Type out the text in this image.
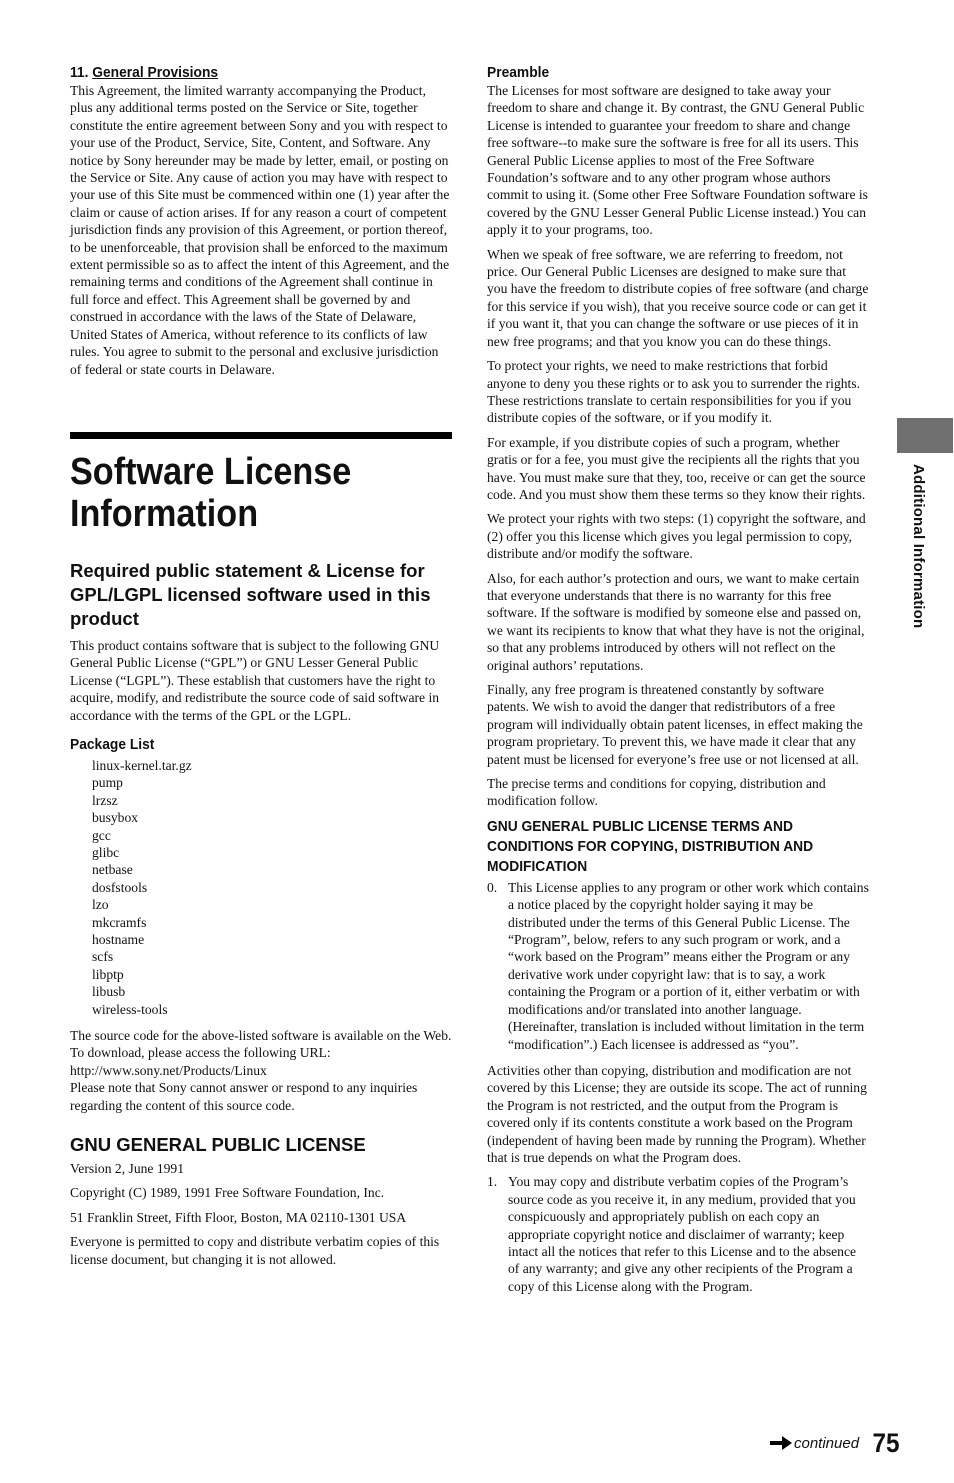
11. General Provisions

This Agreement, the limited warranty accompanying the Product, plus any additional terms posted on the Service or Site, together constitute the entire agreement between Sony and you with respect to your use of the Product, Service, Site, Content, and Software. Any notice by Sony hereunder may be made by letter, email, or posting on the Service or Site. Any cause of action you may have with respect to your use of this Site must be commenced within one (1) year after the claim or cause of action arises. If for any reason a court of competent jurisdiction finds any provision of this Agreement, or portion thereof, to be unenforceable, that provision shall be enforced to the maximum extent permissible so as to affect the intent of this Agreement, and the remaining terms and conditions of the Agreement shall continue in full force and effect. This Agreement shall be governed by and construed in accordance with the laws of the State of Delaware, United States of America, without reference to its conflicts of law rules. You agree to submit to the personal and exclusive jurisdiction of federal or state courts in Delaware.

Software License
Information
Required public statement & License for GPL/LGPL licensed software used in this product

This product contains software that is subject to the following GNU General Public License (“GPL”) or GNU Lesser General Public License (“LGPL”). These establish that customers have the right to acquire, modify, and redistribute the source code of said software in accordance with the terms of the GPL or the LGPL.

Package List
linux-kernel.tar.gz
pump
lrzsz
busybox
gcc
glibc
netbase
dosfstools
lzo
mkcramfs
hostname
scfs
libptp
libusb
wireless-tools

The source code for the above-listed software is available on the Web.

To download, please access the following URL:

http://www.sony.net/Products/Linux

Please note that Sony cannot answer or respond to any inquiries regarding the content of this source code.

GNU GENERAL PUBLIC LICENSE

Version 2, June 1991

Copyright (C) 1989, 1991 Free Software Foundation, Inc.

51 Franklin Street, Fifth Floor, Boston, MA 02110-1301 USA

Everyone is permitted to copy and distribute verbatim copies of this license document, but changing it is not allowed.

Preamble

The Licenses for most software are designed to take away your freedom to share and change it. By contrast, the GNU General Public License is intended to guarantee your freedom to share and change free software--to make sure the software is free for all its users. This General Public License applies to most of the Free Software Foundation’s software and to any other program whose authors commit to using it. (Some other Free Software Foundation software is covered by the GNU Lesser General Public License instead.) You can apply it to your programs, too.

When we speak of free software, we are referring to freedom, not price. Our General Public Licenses are designed to make sure that you have the freedom to distribute copies of free software (and charge for this service if you wish), that you receive source code or can get it if you want it, that you can change the software or use pieces of it in new free programs; and that you know you can do these things.

To protect your rights, we need to make restrictions that forbid anyone to deny you these rights or to ask you to surrender the rights. These restrictions translate to certain responsibilities for you if you distribute copies of the software, or if you modify it.

For example, if you distribute copies of such a program, whether gratis or for a fee, you must give the recipients all the rights that you have. You must make sure that they, too, receive or can get the source code. And you must show them these terms so they know their rights.

We protect your rights with two steps: (1) copyright the software, and (2) offer you this license which gives you legal permission to copy, distribute and/or modify the software.

Also, for each author’s protection and ours, we want to make certain that everyone understands that there is no warranty for this free software. If the software is modified by someone else and passed on, we want its recipients to know that what they have is not the original, so that any problems introduced by others will not reflect on the original authors’ reputations.

Finally, any free program is threatened constantly by software patents. We wish to avoid the danger that redistributors of a free program will individually obtain patent licenses, in effect making the program proprietary. To prevent this, we have made it clear that any patent must be licensed for everyone’s free use or not licensed at all.

The precise terms and conditions for copying, distribution and modification follow.

GNU GENERAL PUBLIC LICENSE TERMS AND CONDITIONS FOR COPYING, DISTRIBUTION AND MODIFICATION
0. This License applies to any program or other work which contains a notice placed by the copyright holder saying it may be distributed under the terms of this General Public License. The “Program”, below, refers to any such program or work, and a “work based on the Program” means either the Program or any derivative work under copyright law: that is to say, a work containing the Program or a portion of it, either verbatim or with modifications and/or translated into another language. (Hereinafter, translation is included without limitation in the term “modification”.) Each licensee is addressed as “you”.

Activities other than copying, distribution and modification are not covered by this License; they are outside its scope. The act of running the Program is not restricted, and the output from the Program is covered only if its contents constitute a work based on the Program (independent of having been made by running the Program). Whether that is true depends on what the Program does.

1. You may copy and distribute verbatim copies of the Program’s source code as you receive it, in any medium, provided that you conspicuously and appropriately publish on each copy an appropriate copyright notice and disclaimer of warranty; keep intact all the notices that refer to this License and to the absence of any warranty; and give any other recipients of the Program a copy of this License along with the Program.

Additional Information
continued 75
